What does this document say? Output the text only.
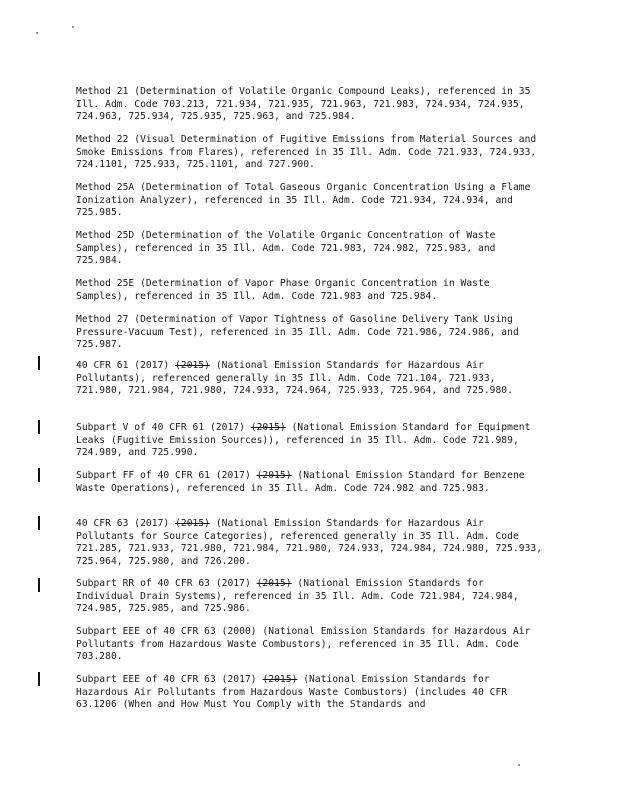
Method 21 (Determination of Volatile Organic Compound Leaks), referenced in 35 Ill. Adm. Code 703.213, 721.934, 721.935, 721.963, 721.983, 724.934, 724.935, 724.963, 725.934, 725.935, 725.963, and 725.984.

Method 22 (Visual Determination of Fugitive Emissions from Material Sources and Smoke Emissions from Flares), referenced in 35 Ill. Adm. Code 721.933, 724.933, 724.1101, 725.933, 725.1101, and 727.900.

Method 25A (Determination of Total Gaseous Organic Concentration Using a Flame Ionization Analyzer), referenced in 35 Ill. Adm. Code 721.934, 724.934, and 725.985.

Method 25D (Determination of the Volatile Organic Concentration of Waste Samples), referenced in 35 Ill. Adm. Code 721.983, 724.982, 725.983, and 725.984.

Method 25E (Determination of Vapor Phase Organic Concentration in Waste Samples), referenced in 35 Ill. Adm. Code 721.983 and 725.984.

Method 27 (Determination of Vapor Tightness of Gasoline Delivery Tank Using Pressure-Vacuum Test), referenced in 35 Ill. Adm. Code 721.986, 724.986, and 725.987.

40 CFR 61 (2017) (2015) (National Emission Standards for Hazardous Air Pollutants), referenced generally in 35 Ill. Adm. Code 721.104, 721.933, 721.980, 721.984, 721.980, 724.933, 724.964, 725.933, 725.964, and 725.980.

Subpart V of 40 CFR 61 (2017) (2015) (National Emission Standard for Equipment Leaks (Fugitive Emission Sources)), referenced in 35 Ill. Adm. Code 721.989, 724.989, and 725.990.

Subpart FF of 40 CFR 61 (2017) (2015) (National Emission Standard for Benzene Waste Operations), referenced in 35 Ill. Adm. Code 724.982 and 725.983.

40 CFR 63 (2017) (2015) (National Emission Standards for Hazardous Air Pollutants for Source Categories), referenced generally in 35 Ill. Adm. Code 721.285, 721.933, 721.980, 721.984, 721.980, 724.933, 724.984, 724.980, 725.933, 725.964, 725.980, and 726.200.

Subpart RR of 40 CFR 63 (2017) (2015) (National Emission Standards for Individual Drain Systems), referenced in 35 Ill. Adm. Code 721.984, 724.984, 724.985, 725.985, and 725.986.

Subpart EEE of 40 CFR 63 (2000) (National Emission Standards for Hazardous Air Pollutants from Hazardous Waste Combustors), referenced in 35 Ill. Adm. Code 703.280.

Subpart EEE of 40 CFR 63 (2017) (2015) (National Emission Standards for Hazardous Air Pollutants from Hazardous Waste Combustors) (includes 40 CFR 63.1206 (When and How Must You Comply with the Standards and
